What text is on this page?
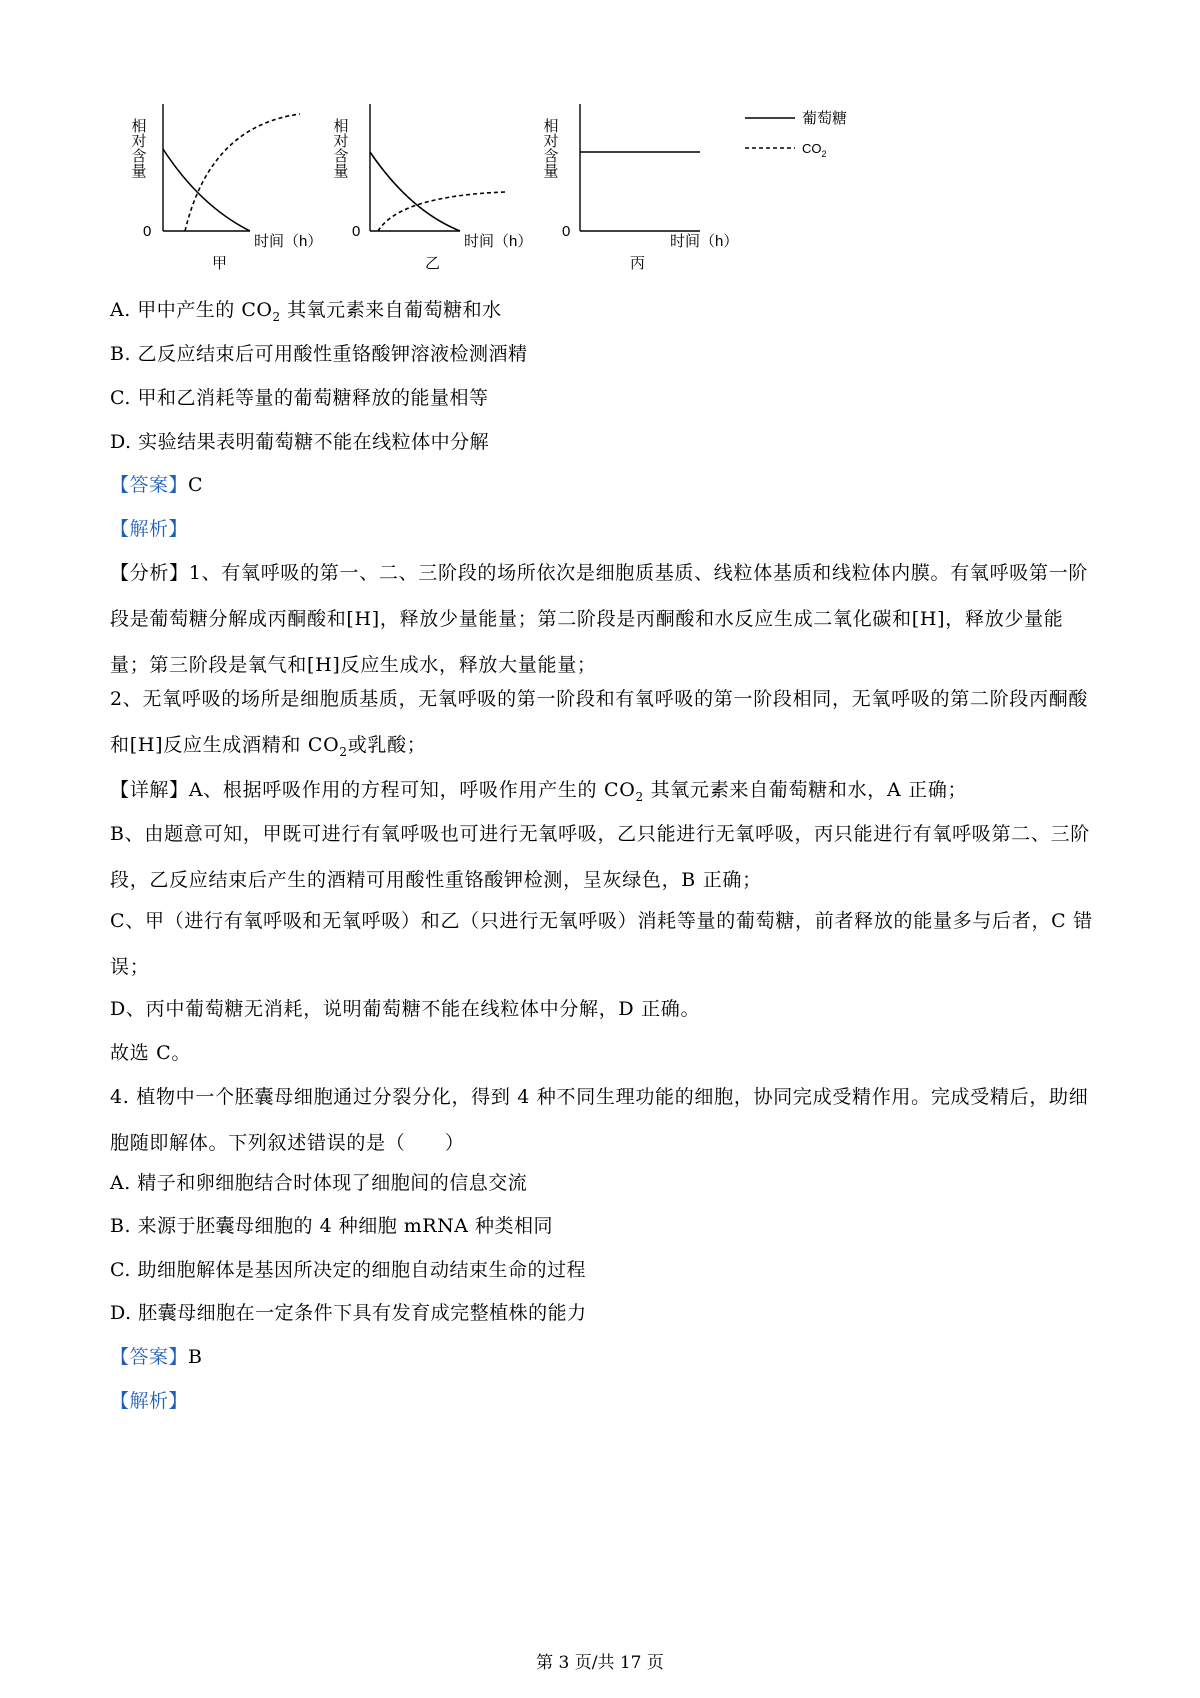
相对含量
0
时间（h）
甲
相对含量
0
时间（h）
乙
相对含量
0
时间（h）
丙
葡萄糖
$CO_2$
A. 甲中产生的 $CO_2$ 其氧元素来自葡萄糖和水
B. 乙反应结束后可用酸性重铬酸钾溶液检测酒精
C. 甲和乙消耗等量的葡萄糖释放的能量相等
D. 实验结果表明葡萄糖不能在线粒体中分解
【答案】C
【解析】
【分析】1、有氧呼吸的第一、二、三阶段的场所依次是细胞质基质、线粒体基质和线粒体内膜。有氧呼吸第一阶段是葡萄糖分解成丙酮酸和[H]，释放少量能量；第二阶段是丙酮酸和水反应生成二氧化碳和[H]，释放少量能量；第三阶段是氧气和[H]反应生成水，释放大量能量；
2、无氧呼吸的场所是细胞质基质，无氧呼吸的第一阶段和有氧呼吸的第一阶段相同，无氧呼吸的第二阶段丙酮酸和[H]反应生成酒精和 $CO_2$或乳酸；
【详解】A、根据呼吸作用的方程可知，呼吸作用产生的 $CO_2$ 其氧元素来自葡萄糖和水，A 正确；
B、由题意可知，甲既可进行有氧呼吸也可进行无氧呼吸，乙只能进行无氧呼吸，丙只能进行有氧呼吸第二、三阶段，乙反应结束后产生的酒精可用酸性重铬酸钾检测，呈灰绿色，B 正确；
C、甲（进行有氧呼吸和无氧呼吸）和乙（只进行无氧呼吸）消耗等量的葡萄糖，前者释放的能量多与后者，C 错误；
D、丙中葡萄糖无消耗，说明葡萄糖不能在线粒体中分解，D 正确。
故选 C。
4. 植物中一个胚囊母细胞通过分裂分化，得到 4 种不同生理功能的细胞，协同完成受精作用。完成受精后，助细胞随即解体。下列叙述错误的是（　　）
A. 精子和卵细胞结合时体现了细胞间的信息交流
B. 来源于胚囊母细胞的 4 种细胞 mRNA 种类相同
C. 助细胞解体是基因所决定的细胞自动结束生命的过程
D. 胚囊母细胞在一定条件下具有发育成完整植株的能力
【答案】B
【解析】
第 3 页/共 17 页
